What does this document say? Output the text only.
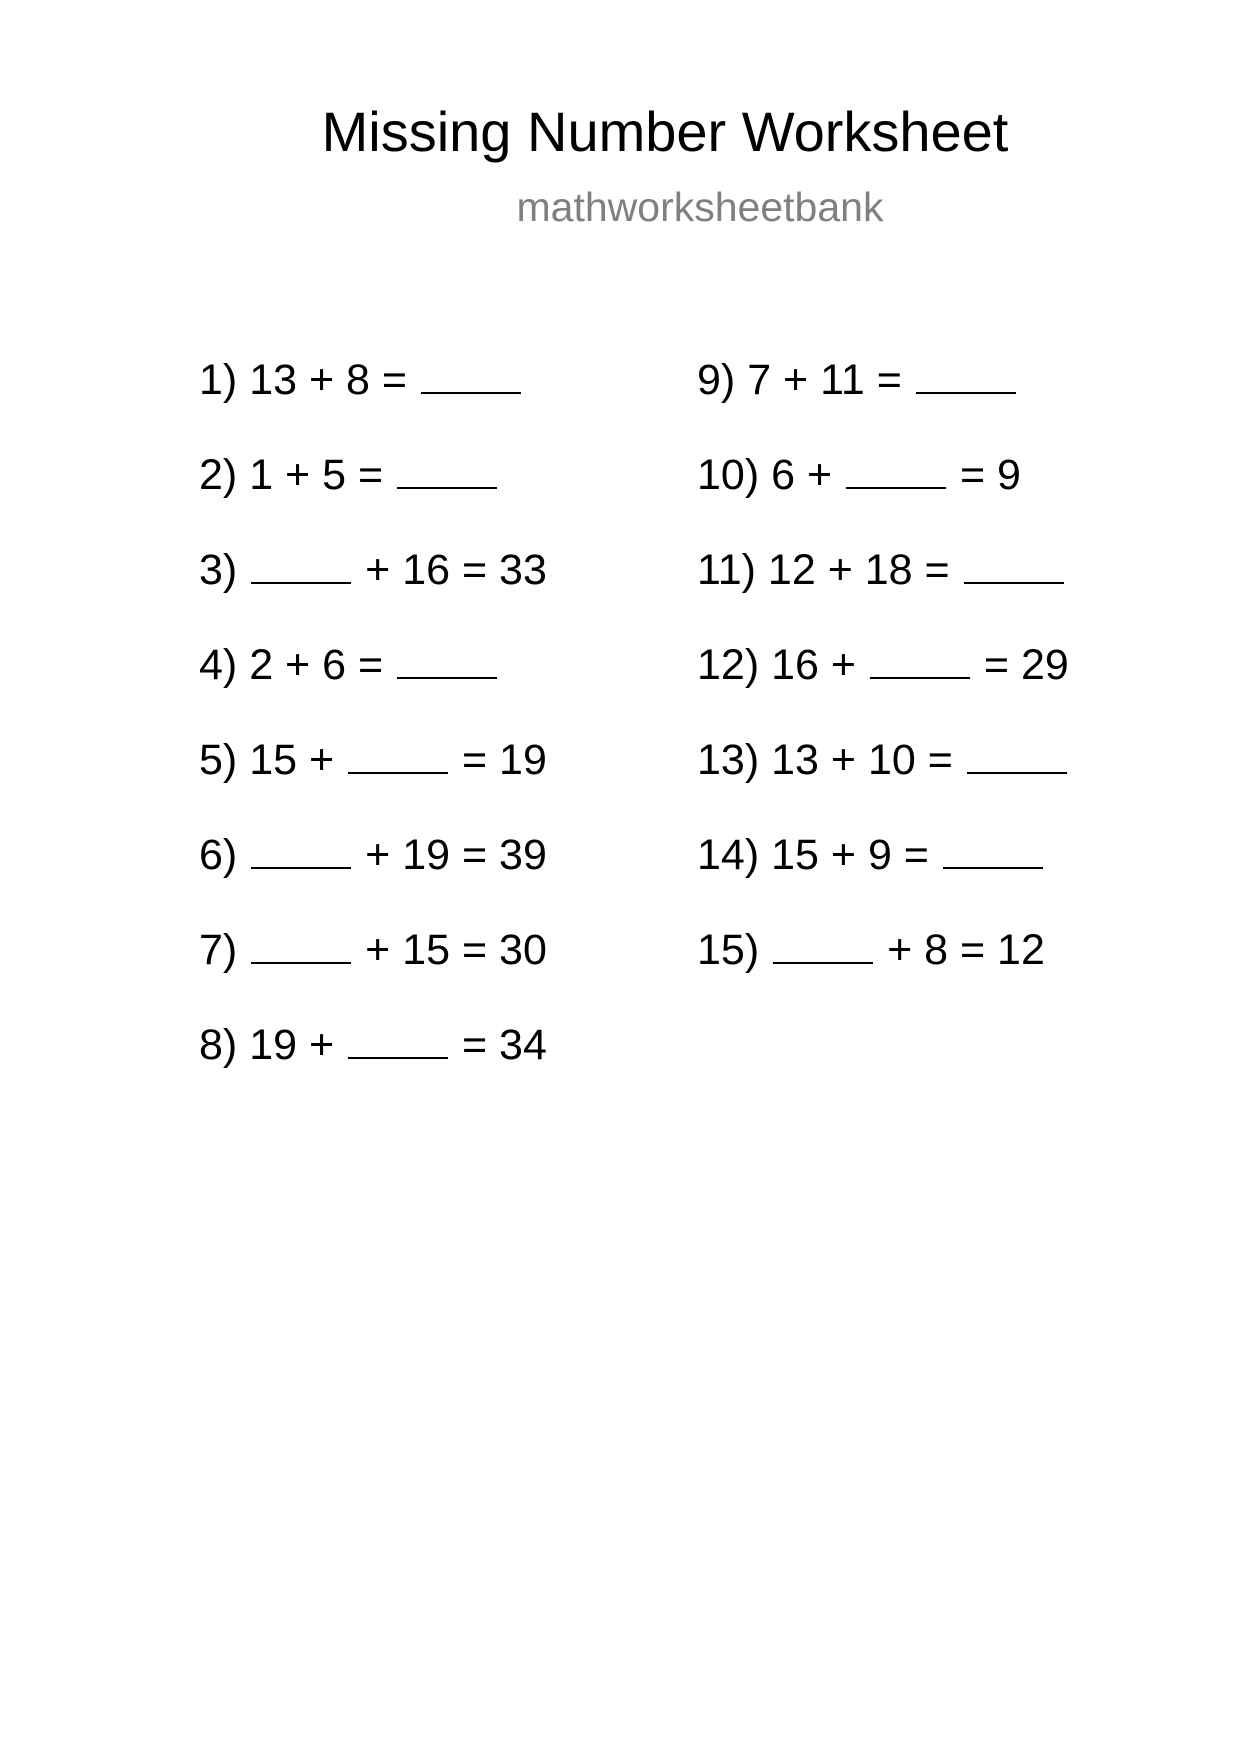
Missing Number Worksheet
mathworksheetbank
1) 13 + 8 =
2) 1 + 5 =
3)	+ 16 = 33
4) 2 + 6 =
5) 15 +	= 19
6)	+ 19 = 39
7)	+ 15 = 30
8) 19 +	= 34
9) 7 + 11 =
10) 6 +	= 9
11) 12 + 18 =
12) 16 +	= 29
13) 13 + 10 =
14) 15 + 9 =
15)	+ 8 = 12
